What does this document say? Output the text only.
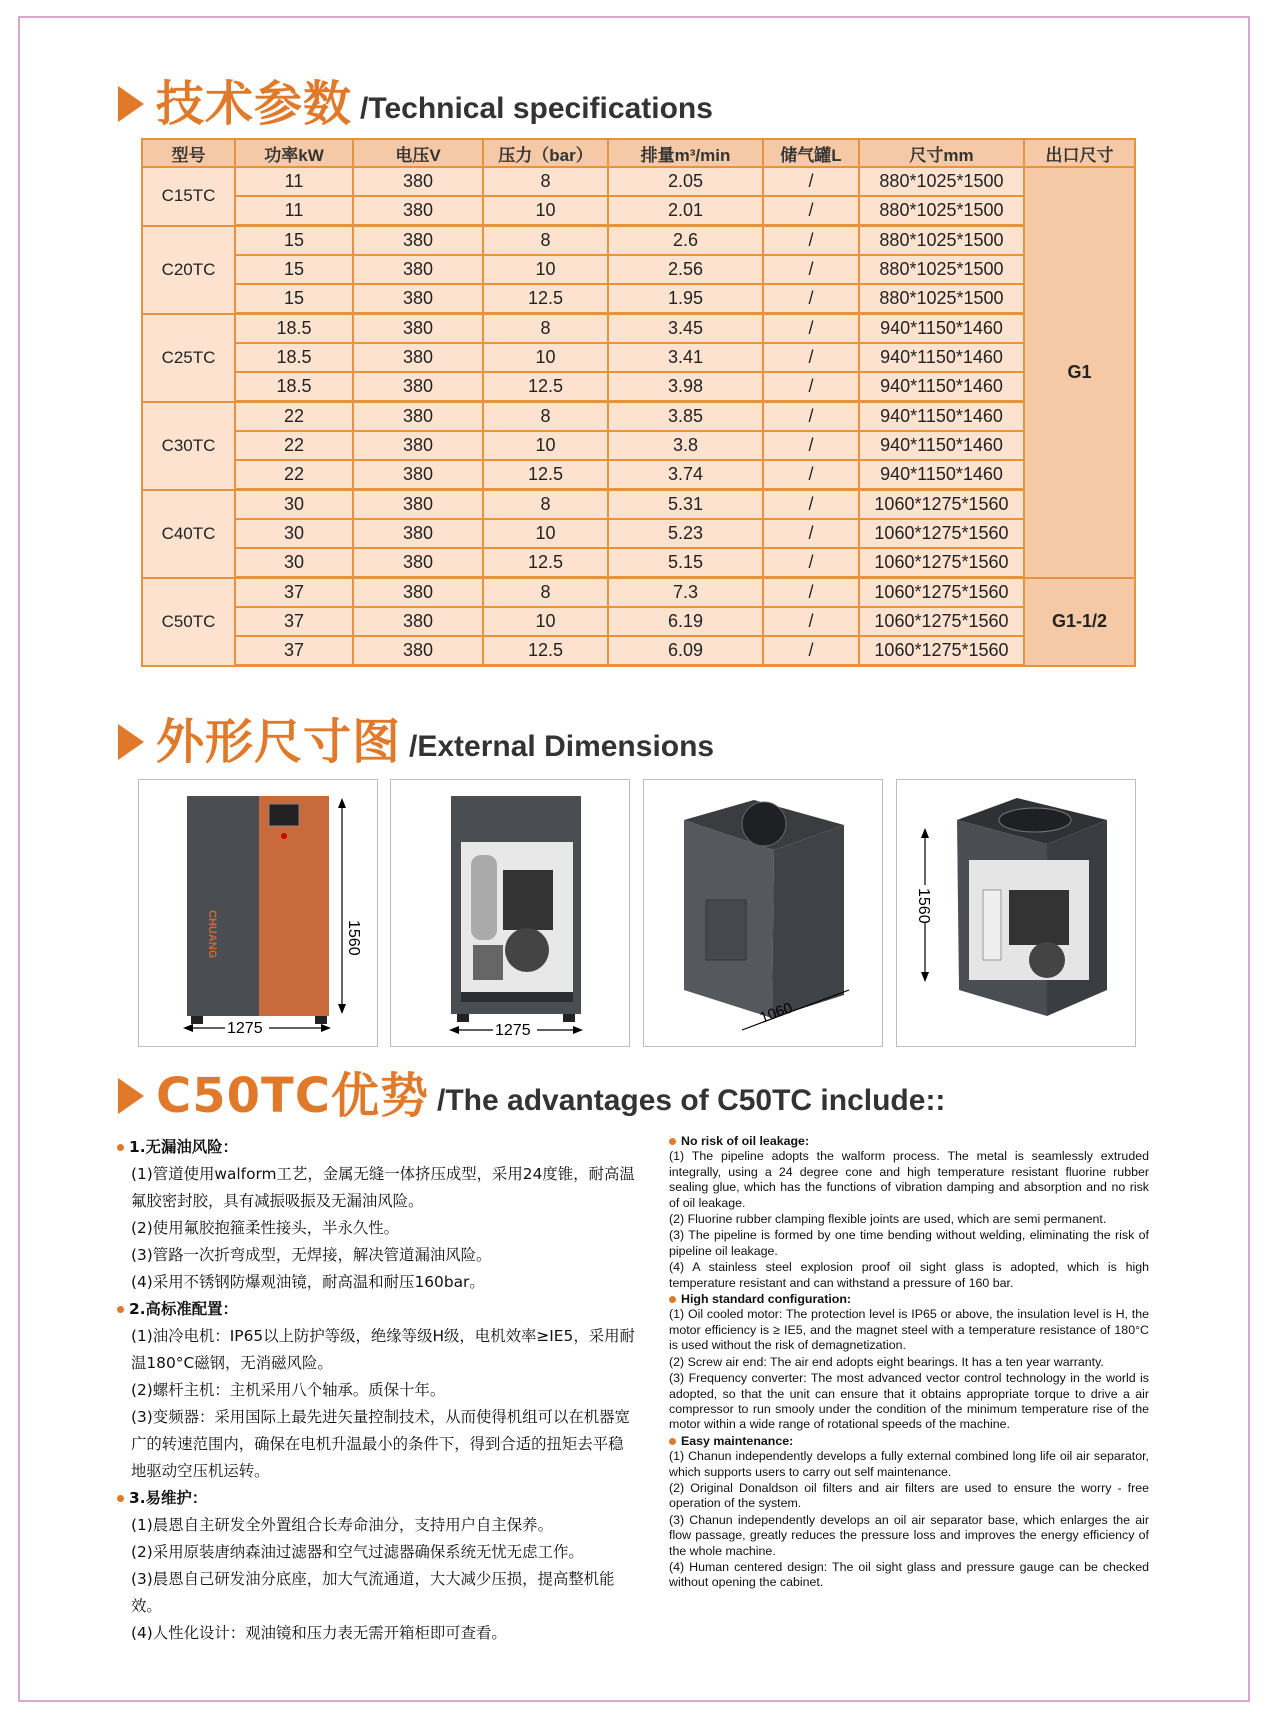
技术参数 /Technical specifications
型号	功率kW	电压V	压力（bar）	排量m³/min	储气罐L	尺寸mm	出口尺寸
C15TC	11	380	8	2.05	/	880*1025*1500	G1
	11	380	10	2.01	/	880*1025*1500	
C20TC	15	380	8	2.6	/	880*1025*1500	
	15	380	10	2.56	/	880*1025*1500	
	15	380	12.5	1.95	/	880*1025*1500	
C25TC	18.5	380	8	3.45	/	940*1150*1460	
	18.5	380	10	3.41	/	940*1150*1460	
	18.5	380	12.5	3.98	/	940*1150*1460	
C30TC	22	380	8	3.85	/	940*1150*1460	
	22	380	10	3.8	/	940*1150*1460	
	22	380	12.5	3.74	/	940*1150*1460	
C40TC	30	380	8	5.31	/	1060*1275*1560	
	30	380	10	5.23	/	1060*1275*1560	
	30	380	12.5	5.15	/	1060*1275*1560	
C50TC	37	380	8	7.3	/	1060*1275*1560	G1-1/2
	37	380	10	6.19	/	1060*1275*1560	
	37	380	12.5	6.09	/	1060*1275*1560	
外形尺寸图 /External Dimensions
CHUANG	1560
1275	1275
1060
1560
C50TC优势 /The advantages of C50TC include::
1.无漏油风险：
(1)管道使用walform工艺，金属无缝一体挤压成型，采用24度锥，耐高温氟胶密封胶，具有减振吸振及无漏油风险。
(2)使用氟胶抱箍柔性接头，半永久性。
(3)管路一次折弯成型，无焊接，解决管道漏油风险。
(4)采用不锈钢防爆观油镜，耐高温和耐压160bar。
2.高标准配置：
(1)油冷电机：IP65以上防护等级，绝缘等级H级，电机效率≥IE5，采用耐温180°C磁钢，无消磁风险。
(2)螺杆主机：主机采用八个轴承。质保十年。
(3)变频器：采用国际上最先进矢量控制技术，从而使得机组可以在机器宽广的转速范围内，确保在电机升温最小的条件下，得到合适的扭矩去平稳地驱动空压机运转。
3.易维护：
(1)晨恩自主研发全外置组合长寿命油分，支持用户自主保养。
(2)采用原装唐纳森油过滤器和空气过滤器确保系统无忧无虑工作。
(3)晨恩自己研发油分底座，加大气流通道，大大减少压损，提高整机能效。
(4)人性化设计：观油镜和压力表无需开箱柜即可查看。
No risk of oil leakage:
(1) The pipeline adopts the walform process. The metal is seamlessly extruded integrally, using a 24 degree cone and high temperature resistant fluorine rubber sealing glue, which has the functions of vibration damping and absorption and no risk of oil leakage.
(2) Fluorine rubber clamping flexible joints are used, which are semi permanent.
(3) The pipeline is formed by one time bending without welding, eliminating the risk of pipeline oil leakage.
(4) A stainless steel explosion proof oil sight glass is adopted, which is high temperature resistant and can withstand a pressure of 160 bar.
High standard configuration:
(1) Oil cooled motor: The protection level is IP65 or above, the insulation level is H, the motor efficiency is ≥ IE5, and the magnet steel with a temperature resistance of 180°C is used without the risk of demagnetization.
(2) Screw air end: The air end adopts eight bearings. It has a ten year warranty.
(3) Frequency converter: The most advanced vector control technology in the world is adopted, so that the unit can ensure that it obtains appropriate torque to drive a air compressor to run smooly under the condition of the minimum temperature rise of the motor within a wide range of rotational speeds of the machine.
Easy maintenance:
(1) Chanun independently develops a fully external combined long life oil air separator, which supports users to carry out self maintenance.
(2) Original Donaldson oil filters and air filters are used to ensure the worry - free operation of the system.
(3) Chanun independently develops an oil air separator base, which enlarges the air flow passage, greatly reduces the pressure loss and improves the energy efficiency of the whole machine.
(4) Human centered design: The oil sight glass and pressure gauge can be checked without opening the cabinet.
